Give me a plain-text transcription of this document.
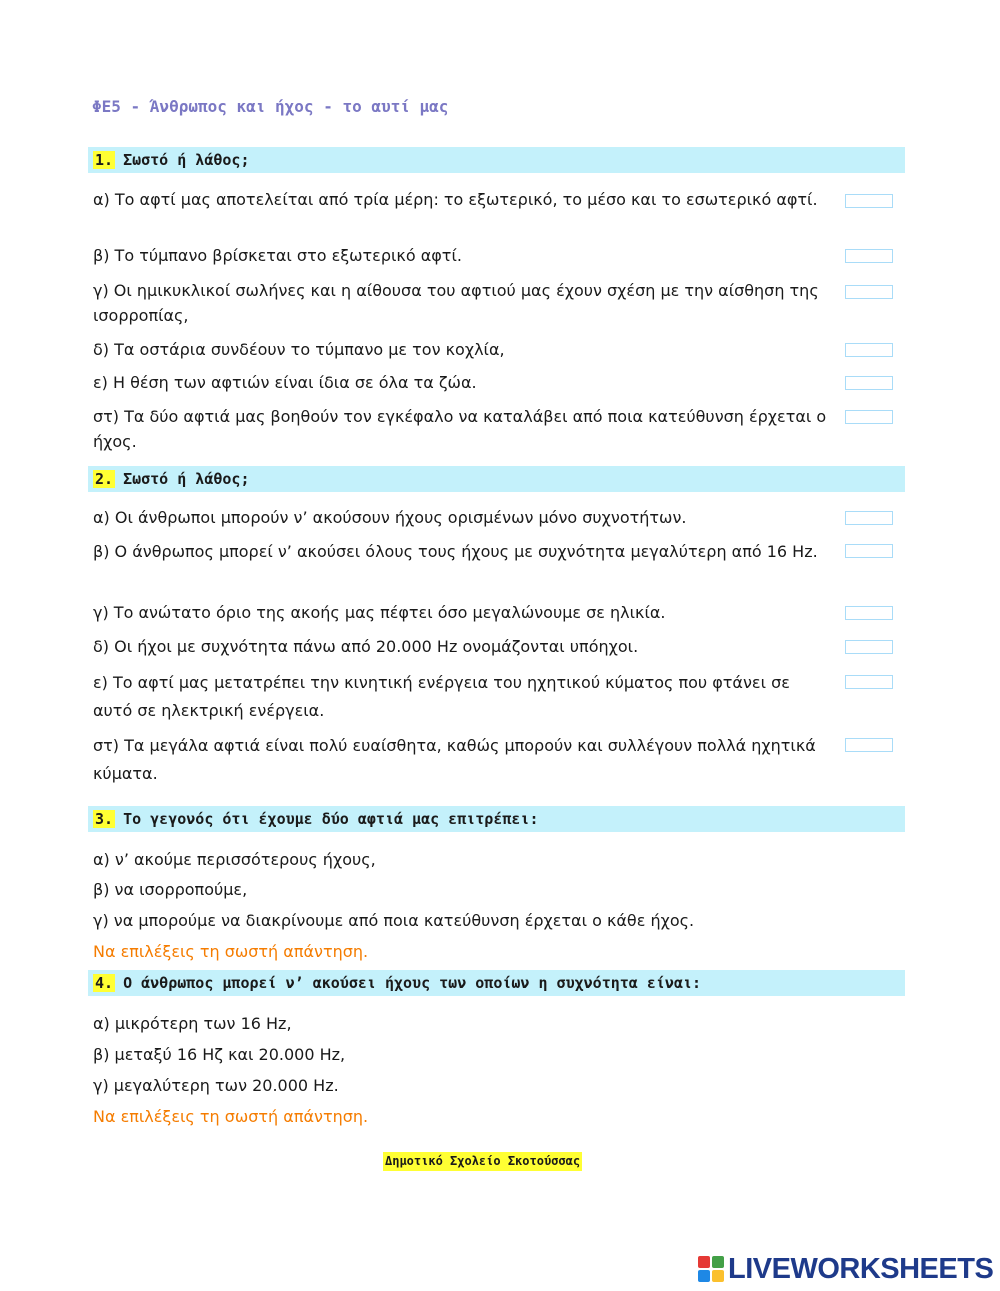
ΦΕ5 - Άνθρωπος και ήχος - το αυτί μας
1. Σωστό ή λάθος;
α) Το αφτί μας αποτελείται από τρία μέρη: το εξωτερικό, το μέσο και το εσωτερικό αφτί.
β) Το τύμπανο βρίσκεται στο εξωτερικό αφτί.
γ) Οι ημικυκλικοί σωλήνες και η αίθουσα του αφτιού μας έχουν σχέση με την αίσθηση της ισορροπίας,
δ) Τα οστάρια συνδέουν το τύμπανο με τον κοχλία,
ε) Η θέση των αφτιών είναι ίδια σε όλα τα ζώα.
στ) Τα δύο αφτιά μας βοηθούν τον εγκέφαλο να καταλάβει από ποια κατεύθυνση έρχεται ο ήχος.
2. Σωστό ή λάθος;
α) Οι άνθρωποι μπορούν ν’ ακούσουν ήχους ορισμένων μόνο συχνοτήτων.
β) Ο άνθρωπος μπορεί ν’ ακούσει όλους τους ήχους με συχνότητα μεγαλύτερη από 16 Hz.
γ) Το ανώτατο όριο της ακοής μας πέφτει όσο μεγαλώνουμε σε ηλικία.
δ) Οι ήχοι με συχνότητα πάνω από 20.000 Hz ονομάζονται υπόηχοι.
ε) Το αφτί μας μετατρέπει την κινητική ενέργεια του ηχητικού κύματος που φτάνει σε αυτό σε ηλεκτρική ενέργεια.
στ) Τα μεγάλα αφτιά είναι πολύ ευαίσθητα, καθώς μπορούν και συλλέγουν πολλά ηχητικά κύματα.
3. Το γεγονός ότι έχουμε δύο αφτιά μας επιτρέπει:
α) ν’ ακούμε περισσότερους ήχους,
β) να ισορροπούμε,
γ) να μπορούμε να διακρίνουμε από ποια κατεύθυνση έρχεται ο κάθε ήχος.
Να επιλέξεις τη σωστή απάντηση.
4. Ο άνθρωπος μπορεί ν’ ακούσει ήχους των οποίων η συχνότητα είναι:
α) μικρότερη των 16 Hz,
β) μεταξύ 16 Ηζ και 20.000 Hz,
γ) μεγαλύτερη των 20.000 Hz.
Να επιλέξεις τη σωστή απάντηση.
Δημοτικό Σχολείο Σκοτούσσας
LIVEWORKSHEETS
